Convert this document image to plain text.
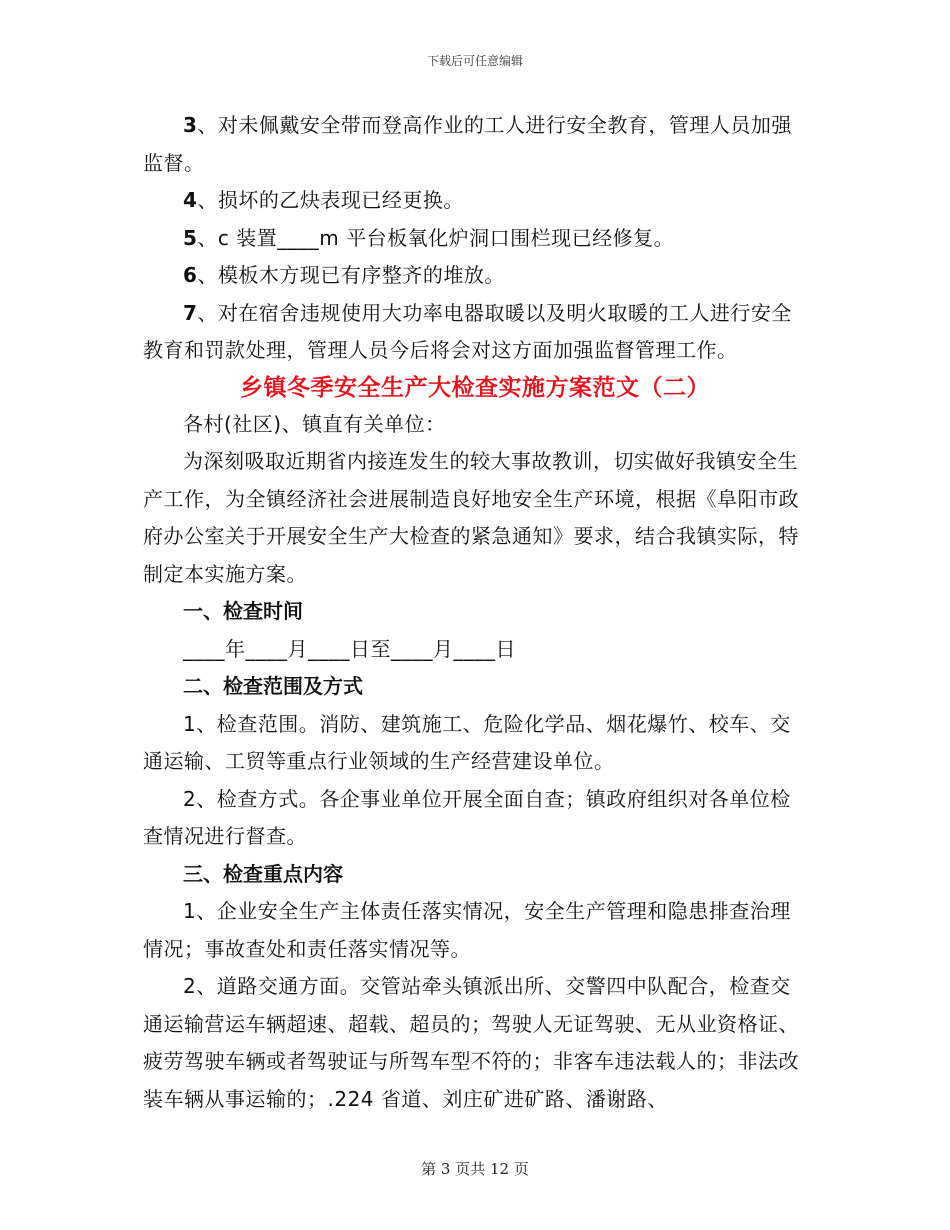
下载后可任意编辑

3、对未佩戴安全带而登高作业的工人进行安全教育，管理人员加强监督。

4、损坏的乙炔表现已经更换。

5、c 装置____m 平台板氧化炉洞口围栏现已经修复。

6、模板木方现已有序整齐的堆放。

7、对在宿舍违规使用大功率电器取暖以及明火取暖的工人进行安全教育和罚款处理，管理人员今后将会对这方面加强监督管理工作。

乡镇冬季安全生产大检查实施方案范文（二）

各村(社区)、镇直有关单位：

为深刻吸取近期省内接连发生的较大事故教训，切实做好我镇安全生产工作，为全镇经济社会进展制造良好地安全生产环境，根据《阜阳市政府办公室关于开展安全生产大检查的紧急通知》要求，结合我镇实际，特制定本实施方案。

一、检查时间

____年____月____日至____月____日

二、检查范围及方式

1、检查范围。消防、建筑施工、危险化学品、烟花爆竹、校车、交通运输、工贸等重点行业领域的生产经营建设单位。

2、检查方式。各企事业单位开展全面自查；镇政府组织对各单位检查情况进行督查。

三、检查重点内容

1、企业安全生产主体责任落实情况，安全生产管理和隐患排查治理情况；事故查处和责任落实情况等。

2、道路交通方面。交管站牵头镇派出所、交警四中队配合，检查交通运输营运车辆超速、超载、超员的；驾驶人无证驾驶、无从业资格证、疲劳驾驶车辆或者驾驶证与所驾车型不符的；非客车违法载人的；非法改装车辆从事运输的；.224 省道、刘庄矿进矿路、潘谢路、

第 3 页共 12 页
